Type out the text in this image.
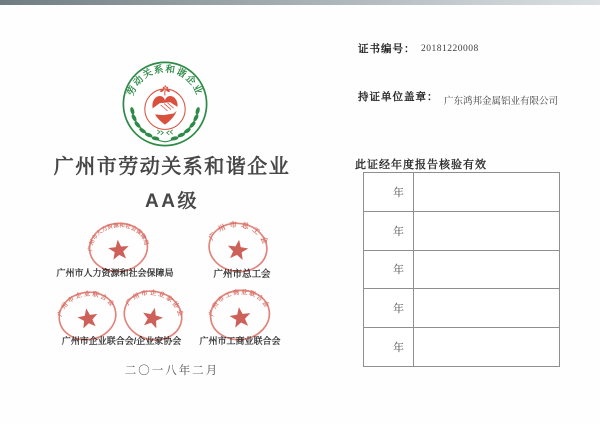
劳动关系和谐企业
广州市劳动关系和谐企业
AA级
广州市人力资源和社会保障局	广州市总工会
广州市企业联合会/企业家协会	广州市工商业联合会
广州市人力资源和社会保障局
广州市总工会
广州市企业联合会	广州市企业家协会	广州市工商业联合会
二〇一八年二月
证书编号： 20181220008
持证单位盖章： 广东鸿邦金属铝业有限公司
此证经年度报告核验有效
年
年
年
年
年
